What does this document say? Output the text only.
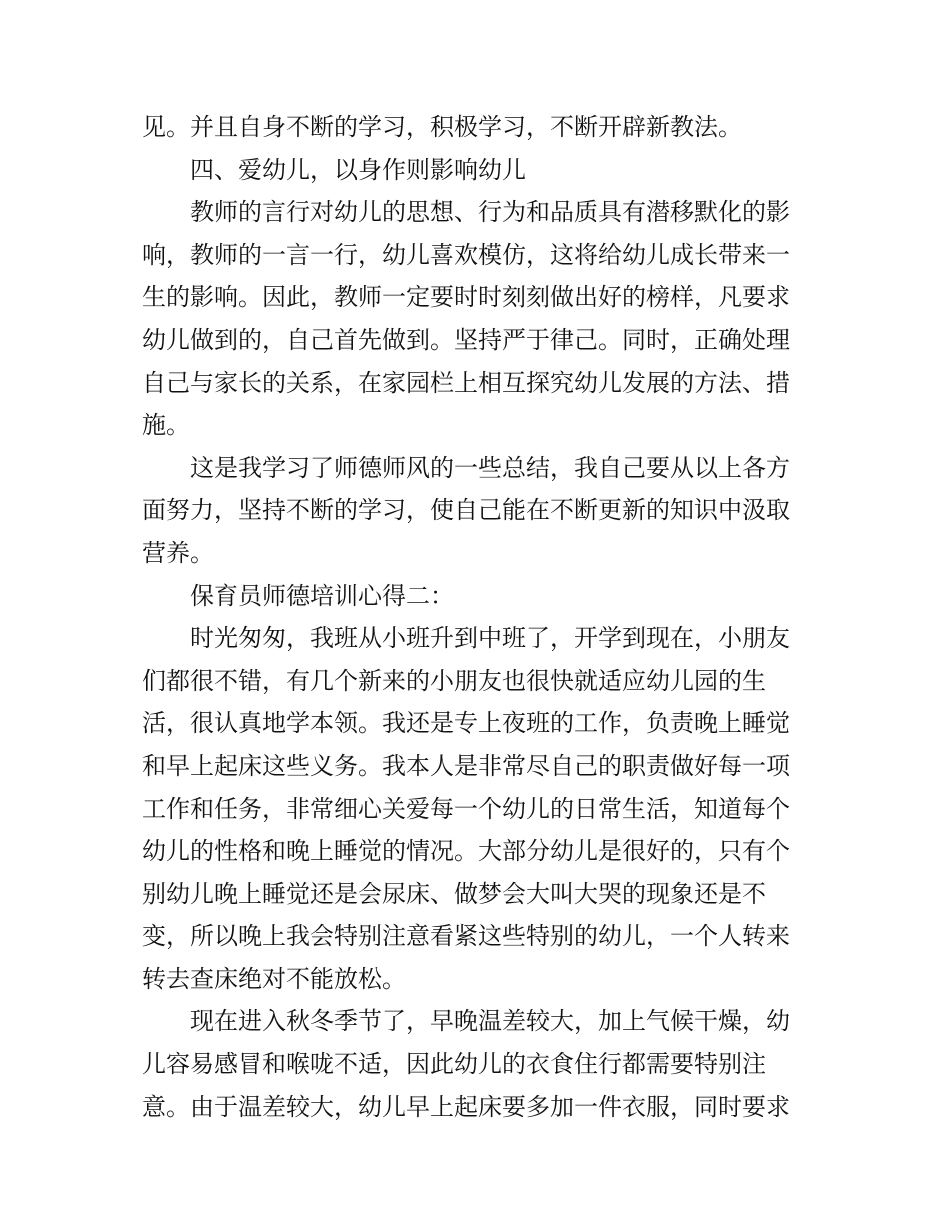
见。并且自身不断的学习，积极学习，不断开辟新教法。
四、爱幼儿，以身作则影响幼儿
教师的言行对幼儿的思想、行为和品质具有潜移默化的影
响，教师的一言一行，幼儿喜欢模仿，这将给幼儿成长带来一
生的影响。因此，教师一定要时时刻刻做出好的榜样，凡要求
幼儿做到的，自己首先做到。坚持严于律己。同时，正确处理
自己与家长的关系，在家园栏上相互探究幼儿发展的方法、措
施。
这是我学习了师德师风的一些总结，我自己要从以上各方
面努力，坚持不断的学习，使自己能在不断更新的知识中汲取
营养。
保育员师德培训心得二：
时光匆匆，我班从小班升到中班了，开学到现在，小朋友
们都很不错，有几个新来的小朋友也很快就适应幼儿园的生
活，很认真地学本领。我还是专上夜班的工作，负责晚上睡觉
和早上起床这些义务。我本人是非常尽自己的职责做好每一项
工作和任务，非常细心关爱每一个幼儿的日常生活，知道每个
幼儿的性格和晚上睡觉的情况。大部分幼儿是很好的，只有个
别幼儿晚上睡觉还是会尿床、做梦会大叫大哭的现象还是不
变，所以晚上我会特别注意看紧这些特别的幼儿，一个人转来
转去查床绝对不能放松。
现在进入秋冬季节了，早晚温差较大，加上气候干燥，幼
儿容易感冒和喉咙不适，因此幼儿的衣食住行都需要特别注
意。由于温差较大，幼儿早上起床要多加一件衣服，同时要求
